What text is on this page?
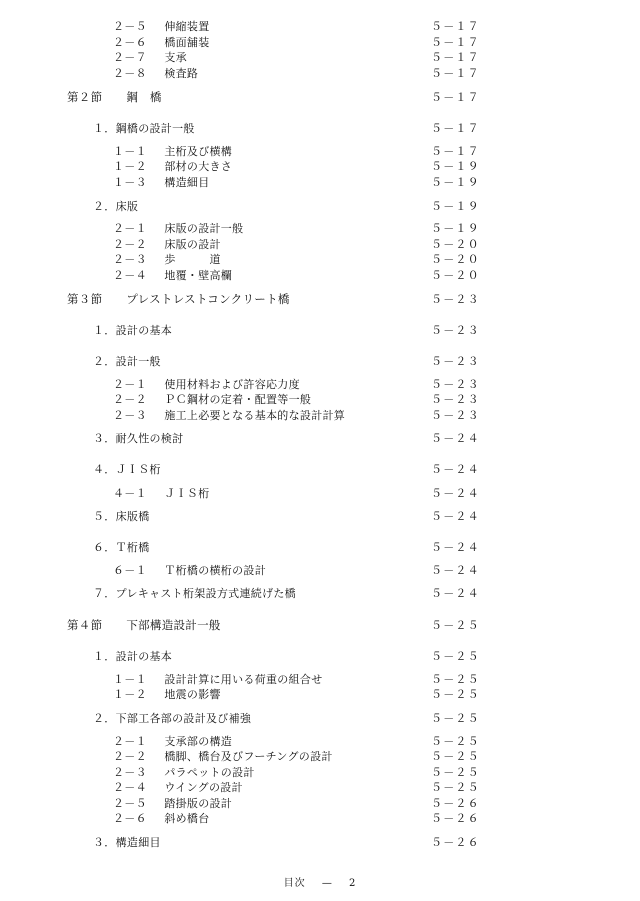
２－５　 伸縮装置	５－１７
２－６　 橋面舗装	５－１７
２－７　 支承	５－１７
２－８　 検査路	５－１７
第２節　 鋼　橋	５－１７
１．鋼橋の設計一般	５－１７
１－１　 主桁及び横構	５－１７
１－２　 部材の大きさ	５－１９
１－３　 構造細目	５－１９
２．床版	５－１９
２－１　 床版の設計一般	５－１９
２－２　 床版の設計	５－２０
２－３　 歩　　　道	５－２０
２－４　 地覆・壁高欄	５－２０
第３節　 プレストレストコンクリート橋	５－２３
１．設計の基本	５－２３
２．設計一般	５－２３
２－１　 使用材料および許容応力度	５－２３
２－２　 ＰＣ鋼材の定着・配置等一般	５－２３
２－３　 施工上必要となる基本的な設計計算	５－２３
３．耐久性の検討	５－２４
４．ＪＩＳ桁	５－２４
４－１　 ＪＩＳ桁	５－２４
５．床版橋	５－２４
６．Ｔ桁橋	５－２４
６－１　 Ｔ桁橋の横桁の設計	５－２４
７．プレキャスト桁架設方式連続げた橋	５－２４
第４節　 下部構造設計一般	５－２５
１．設計の基本	５－２５
１－１　 設計計算に用いる荷重の組合せ	５－２５
１－２　 地震の影響	５－２５
２．下部工各部の設計及び補強	５－２５
２－１　 支承部の構造	５－２５
２－２　 橋脚、橋台及びフーチングの設計	５－２５
２－３　 パラペットの設計	５－２５
２－４　 ウイングの設計	５－２５
２－５　 踏掛版の設計	５－２６
２－６　 斜め橋台	５－２６
３．構造細目	５－２６
目次 — 2
